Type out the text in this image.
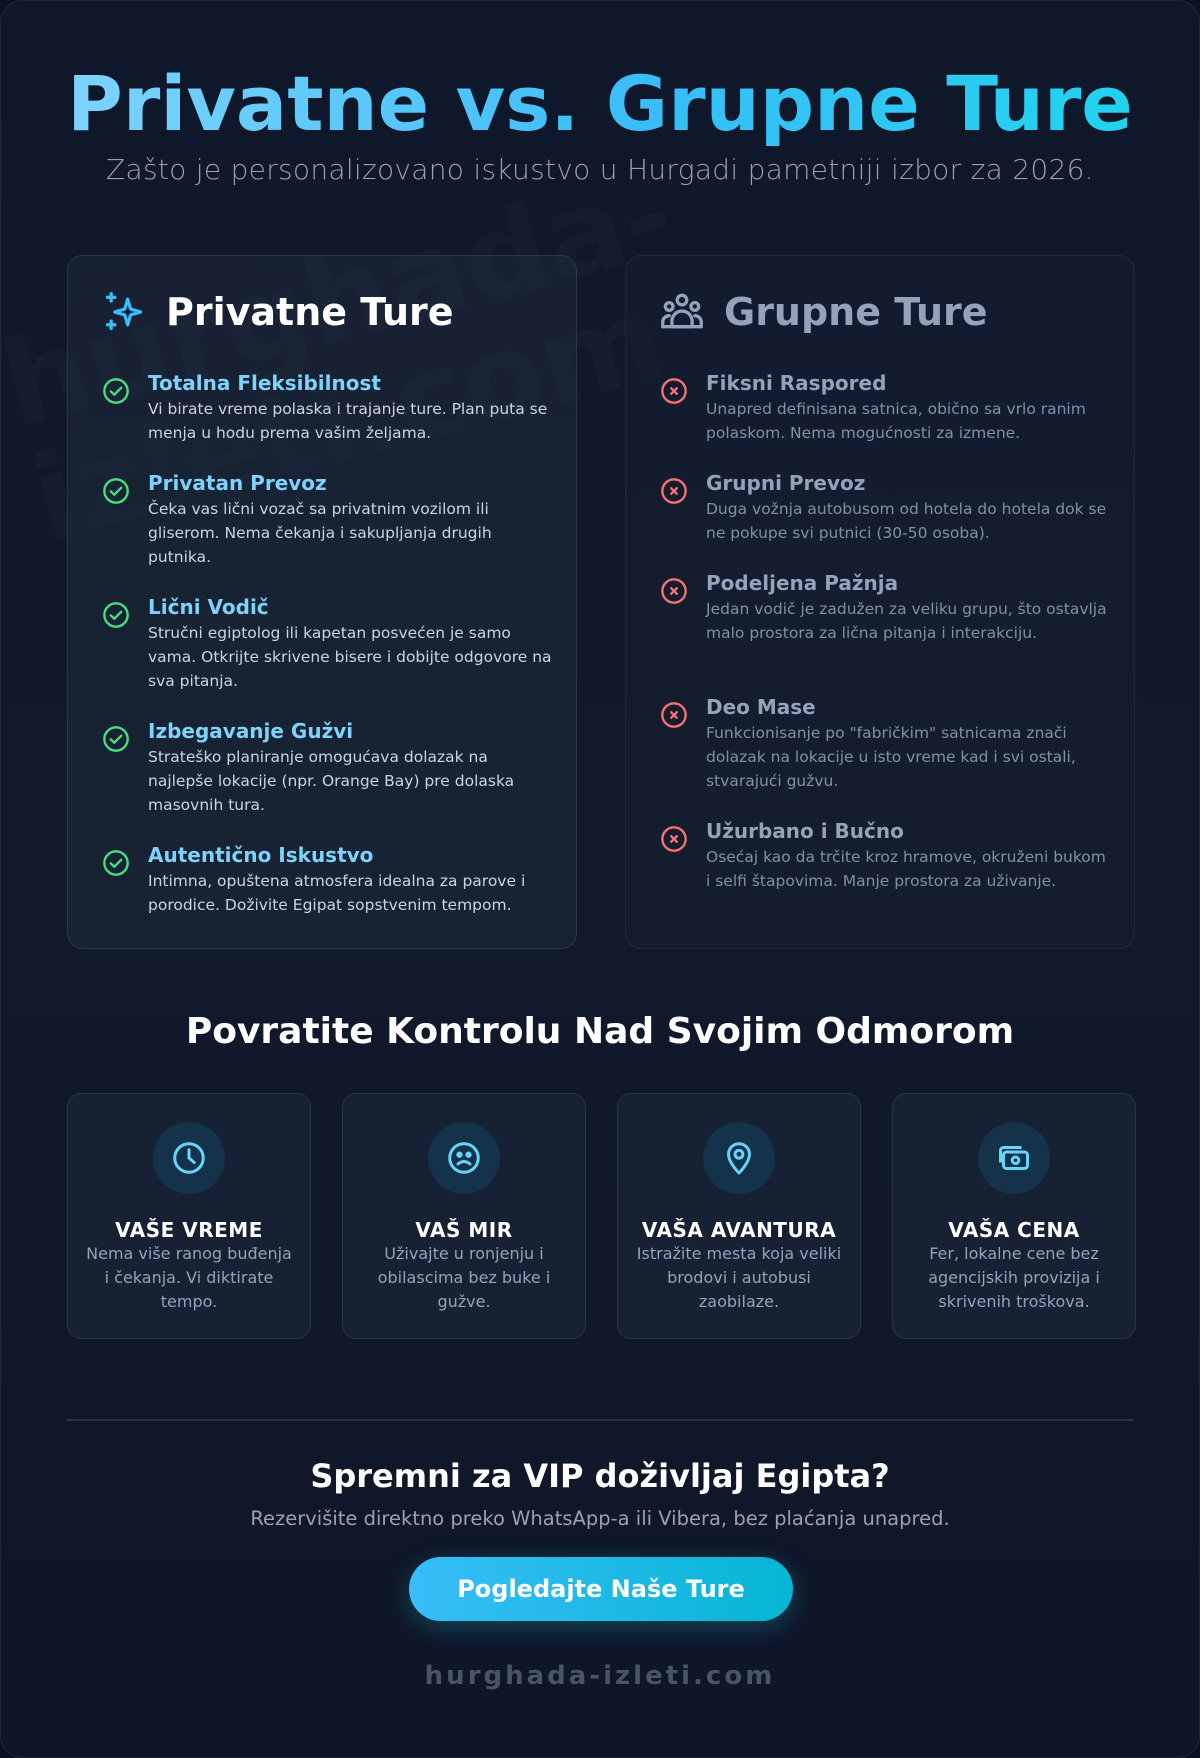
Privatne vs. Grupne Ture
Zašto je personalizovano iskustvo u Hurgadi pametniji izbor za 2026.
Privatne Ture
Totalna Fleksibilnost

Vi birate vreme polaska i trajanje ture. Plan puta se menja u hodu prema vašim željama.

Privatan Prevoz

Čeka vas lični vozač sa privatnim vozilom ili gliserom. Nema čekanja i sakupljanja drugih putnika.

Lični Vodič

Stručni egiptolog ili kapetan posvećen je samo vama. Otkrijte skrivene bisere i dobijte odgovore na sva pitanja.

Izbegavanje Gužvi

Strateško planiranje omogućava dolazak na najlepše lokacije (npr. Orange Bay) pre dolaska masovnih tura.

Autentično Iskustvo

Intimna, opuštena atmosfera idealna za parove i porodice. Doživite Egipat sopstvenim tempom.

Grupne Ture
Fiksni Raspored

Unapred definisana satnica, obično sa vrlo ranim polaskom. Nema mogućnosti za izmene.

Grupni Prevoz

Duga vožnja autobusom od hotela do hotela dok se ne pokupe svi putnici (30-50 osoba).

Podeljena Pažnja

Jedan vodič je zadužen za veliku grupu, što ostavlja malo prostora za lična pitanja i interakciju.

Deo Mase

Funkcionisanje po "fabričkim" satnicama znači dolazak na lokacije u isto vreme kad i svi ostali, stvarajući gužvu.

Užurbano i Bučno

Osećaj kao da trčite kroz hramove, okruženi bukom i selfi štapovima. Manje prostora za uživanje.

Povratite Kontrolu Nad Svojim Odmorom
VAŠE VREME

Nema više ranog buđenja i čekanja. Vi diktirate tempo.

VAŠ MIR

Uživajte u ronjenju i obilascima bez buke i gužve.

VAŠA AVANTURA

Istražite mesta koja veliki brodovi i autobusi zaobilaze.

VAŠA CENA

Fer, lokalne cene bez agencijskih provizija i skrivenih troškova.

Spremni za VIP doživljaj Egipta?
Rezervišite direktno preko WhatsApp-a ili Vibera, bez plaćanja unapred.
Pogledajte Naše Ture
hurghada-izleti.com
